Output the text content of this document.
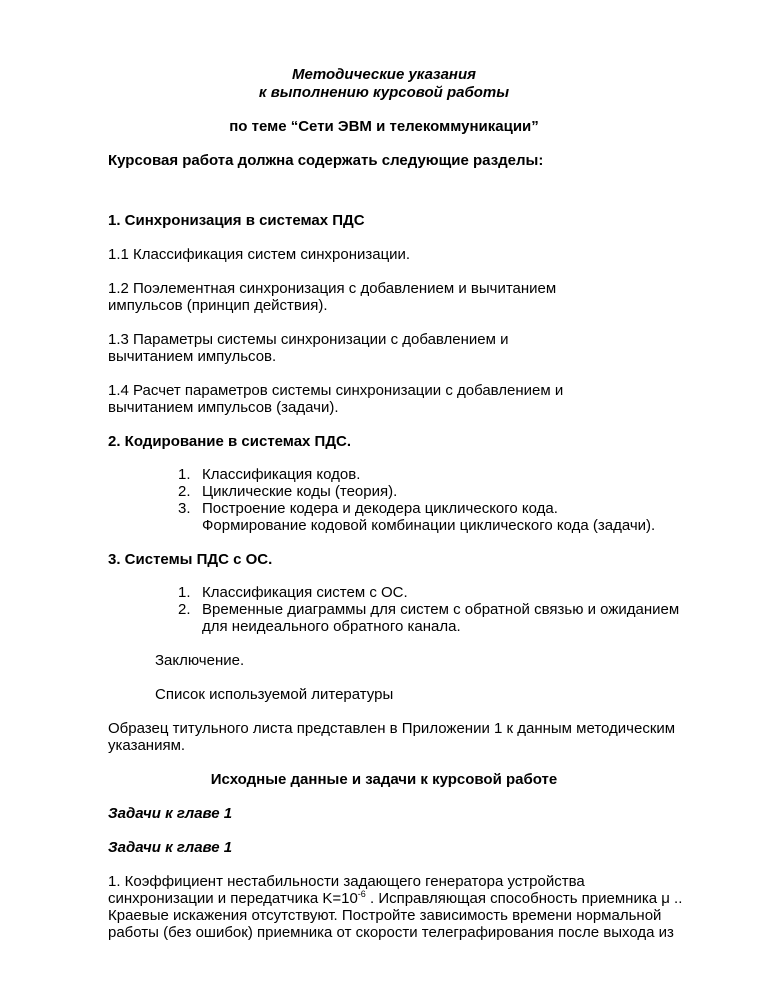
Методические указания
к выполнению курсовой работы
по теме “Сети ЭВМ и телекоммуникации”
Курсовая работа должна содержать следующие разделы:
1. Синхронизация в системах ПДС
1.1 Классификация систем синхронизации.
1.2 Поэлементная синхронизация с добавлением и вычитанием
импульсов (принцип действия).
1.3 Параметры системы синхронизации с добавлением и
вычитанием импульсов.
1.4 Расчет параметров системы синхронизации с добавлением и
вычитанием импульсов (задачи).
2. Кодирование в системах ПДС.
1. Классификация кодов.
2. Циклические коды (теория).
3. Построение кодера и декодера циклического кода.
Формирование кодовой комбинации циклического кода (задачи).
3. Системы ПДС с ОС.
1. Классификация систем с ОС.
2. Временные диаграммы для систем с обратной связью и ожиданием
для неидеального обратного канала.
Заключение.
Список используемой литературы
Образец титульного листа представлен в Приложении 1 к данным методическим
указаниям.
Исходные данные и задачи к курсовой работе
Задачи к главе 1
Задачи к главе 1
1. Коэффициент нестабильности задающего генератора устройства
синхронизации и передатчика $K=10^{-6}$ . Исправляющая способность приемника μ ..
Краевые искажения отсутствуют. Постройте зависимость времени нормальной
работы (без ошибок) приемника от скорости телеграфирования после выхода из
